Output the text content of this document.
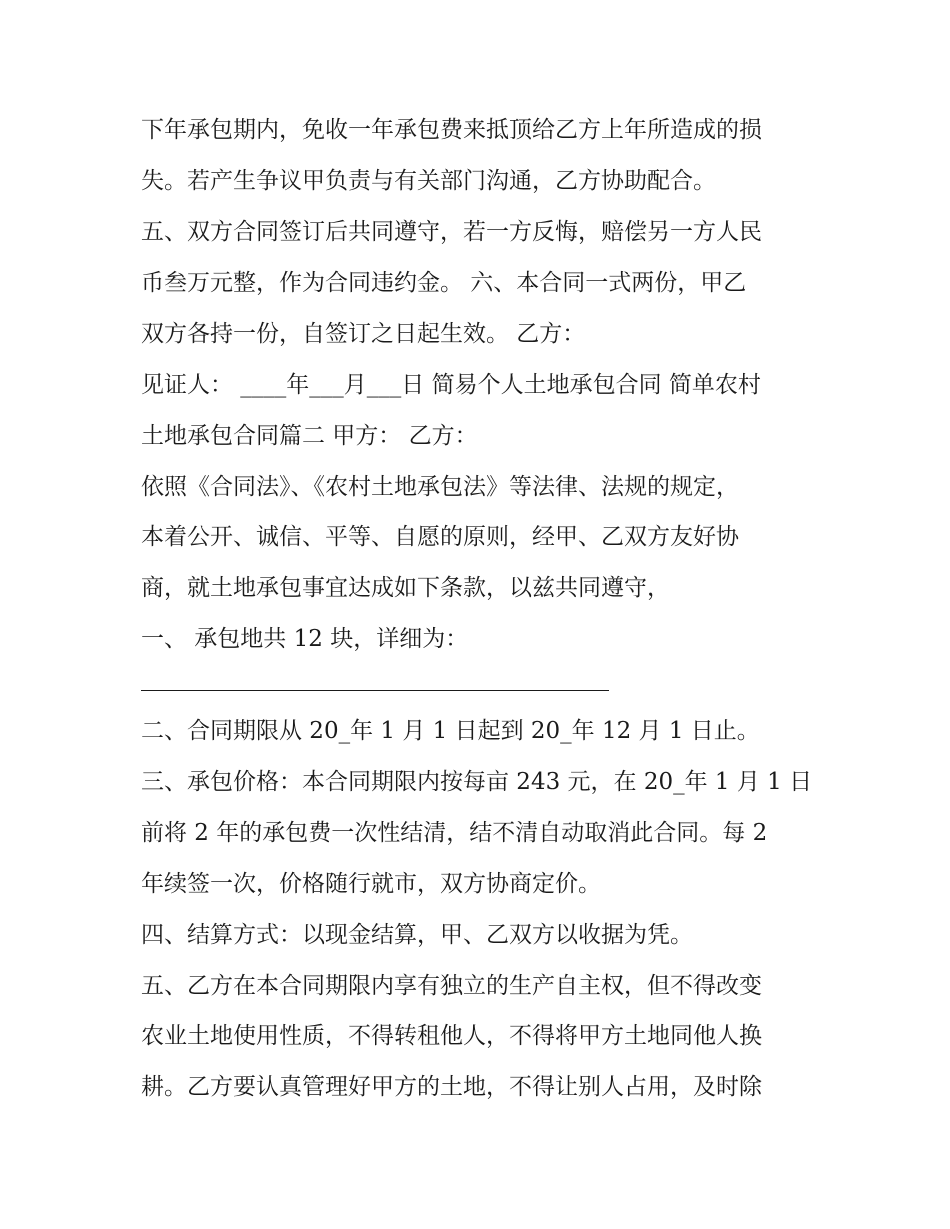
下年承包期内，免收一年承包费来抵顶给乙方上年所造成的损
失。若产生争议甲负责与有关部门沟通，乙方协助配合。
五、双方合同签订后共同遵守，若一方反悔，赔偿另一方人民
币叁万元整，作为合同违约金。 六、本合同一式两份，甲乙
双方各持一份，自签订之日起生效。 乙方：
见证人： ____年___月___日 简易个人土地承包合同 简单农村
土地承包合同篇二 甲方： 乙方：
依照《合同法》、《农村土地承包法》等法律、法规的规定，
本着公开、诚信、平等、自愿的原则，经甲、乙双方友好协
商，就土地承包事宜达成如下条款，以兹共同遵守，
一、 承包地共 12 块，详细为：
二、合同期限从 20_年 1 月 1 日起到 20_年 12 月 1 日止。
三、承包价格：本合同期限内按每亩 243 元，在 20_年 1 月 1 日
前将 2 年的承包费一次性结清，结不清自动取消此合同。每 2
年续签一次，价格随行就市，双方协商定价。
四、结算方式：以现金结算，甲、乙双方以收据为凭。
五、乙方在本合同期限内享有独立的生产自主权，但不得改变
农业土地使用性质，不得转租他人，不得将甲方土地同他人换
耕。乙方要认真管理好甲方的土地，不得让别人占用，及时除
